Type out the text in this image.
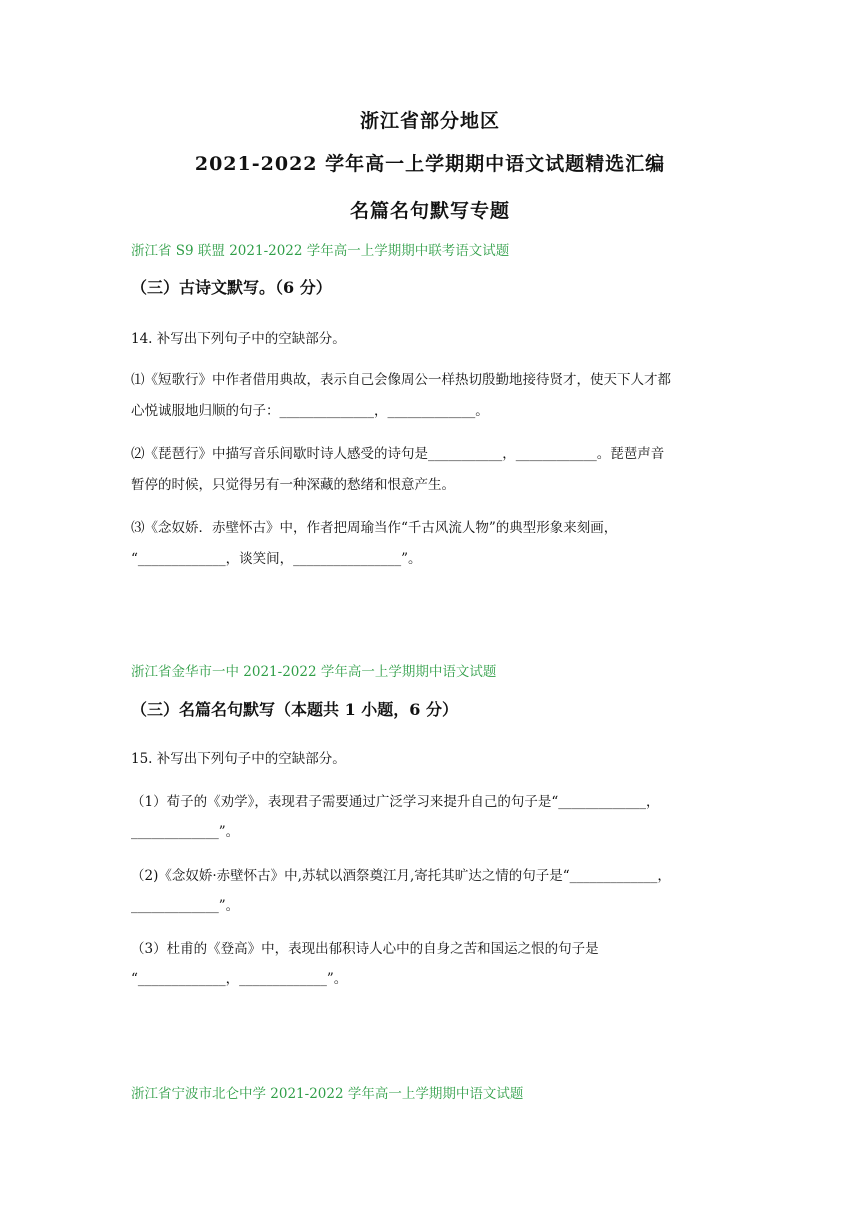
浙江省部分地区
2021-2022 学年高一上学期期中语文试题精选汇编
名篇名句默写专题
浙江省 S9 联盟 2021-2022 学年高一上学期期中联考语文试题
（三）古诗文默写。（6 分）
14. 补写出下列句子中的空缺部分。
⑴《短歌行》中作者借用典故，表示自己会像周公一样热切殷勤地接待贤才，使天下人才都
心悦诚服地归顺的句子：______________，_____________。
⑵《琵琶行》中描写音乐间歇时诗人感受的诗句是___________，____________。琵琶声音
暂停的时候，只觉得另有一种深藏的愁绪和恨意产生。
⑶《念奴娇．赤壁怀古》中，作者把周瑜当作“千古风流人物”的典型形象来刻画，
“_____________，谈笑间，________________”。
浙江省金华市一中 2021-2022 学年高一上学期期中语文试题
（三）名篇名句默写（本题共 1 小题，6 分）
15. 补写出下列句子中的空缺部分。
（1）荀子的《劝学》，表现君子需要通过广泛学习来提升自己的句子是“_____________，
_____________”。
（2)《念奴娇·赤壁怀古》中,苏轼以酒祭奠江月,寄托其旷达之情的句子是“_____________，
_____________”。
（3）杜甫的《登高》中，表现出郁积诗人心中的自身之苦和国运之恨的句子是
“_____________，_____________”。
浙江省宁波市北仑中学 2021-2022 学年高一上学期期中语文试题
